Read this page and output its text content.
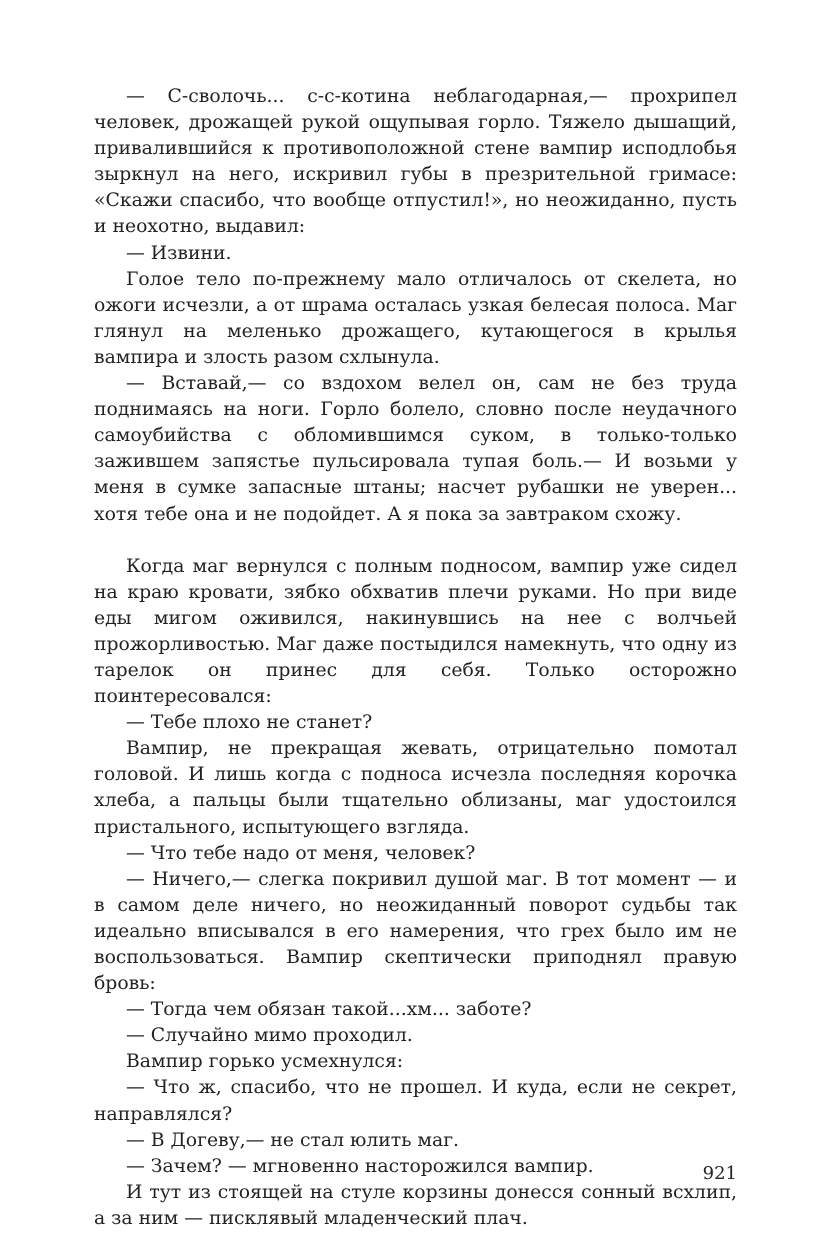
— С-сволочь... с-с-котина неблагодарная,— прохрипел человек, дрожащей рукой ощупывая горло. Тяжело дышащий, привалившийся к противоположной стене вампир исподлобья зыркнул на него, искривил губы в презрительной гримасе: «Скажи спасибо, что вообще отпустил!», но неожиданно, пусть и неохотно, выдавил:

— Извини.

Голое тело по-прежнему мало отличалось от скелета, но ожоги исчезли, а от шрама осталась узкая белесая полоса. Маг глянул на меленько дрожащего, кутающегося в крылья вампира и злость разом схлынула.

— Вставай,— со вздохом велел он, сам не без труда поднимаясь на ноги. Горло болело, словно после неудачного самоубийства с обломившимся суком, в только-только зажившем запястье пульсировала тупая боль.— И возьми у меня в сумке запасные штаны; насчет рубашки не уверен... хотя тебе она и не подойдет. А я пока за завтраком схожу.

Когда маг вернулся с полным подносом, вампир уже сидел на краю кровати, зябко обхватив плечи руками. Но при виде еды мигом оживился, накинувшись на нее с волчьей прожорливостью. Маг даже постыдился намекнуть, что одну из тарелок он принес для себя. Только осторожно поинтересовался:

— Тебе плохо не станет?

Вампир, не прекращая жевать, отрицательно помотал головой. И лишь когда с подноса исчезла последняя корочка хлеба, а пальцы были тщательно облизаны, маг удостоился пристального, испытующего взгляда.

— Что тебе надо от меня, человек?

— Ничего,— слегка покривил душой маг. В тот момент — и в самом деле ничего, но неожиданный поворот судьбы так идеально вписывался в его намерения, что грех было им не воспользоваться. Вампир скептически приподнял правую бровь:

— Тогда чем обязан такой...хм... заботе?

— Случайно мимо проходил.

Вампир горько усмехнулся:

— Что ж, спасибо, что не прошел. И куда, если не секрет, направлялся?

— В Догеву,— не стал юлить маг.

— Зачем? — мгновенно насторожился вампир.

И тут из стоящей на стуле корзины донесся сонный всхлип, а за ним — писклявый младенческий плач.

921
